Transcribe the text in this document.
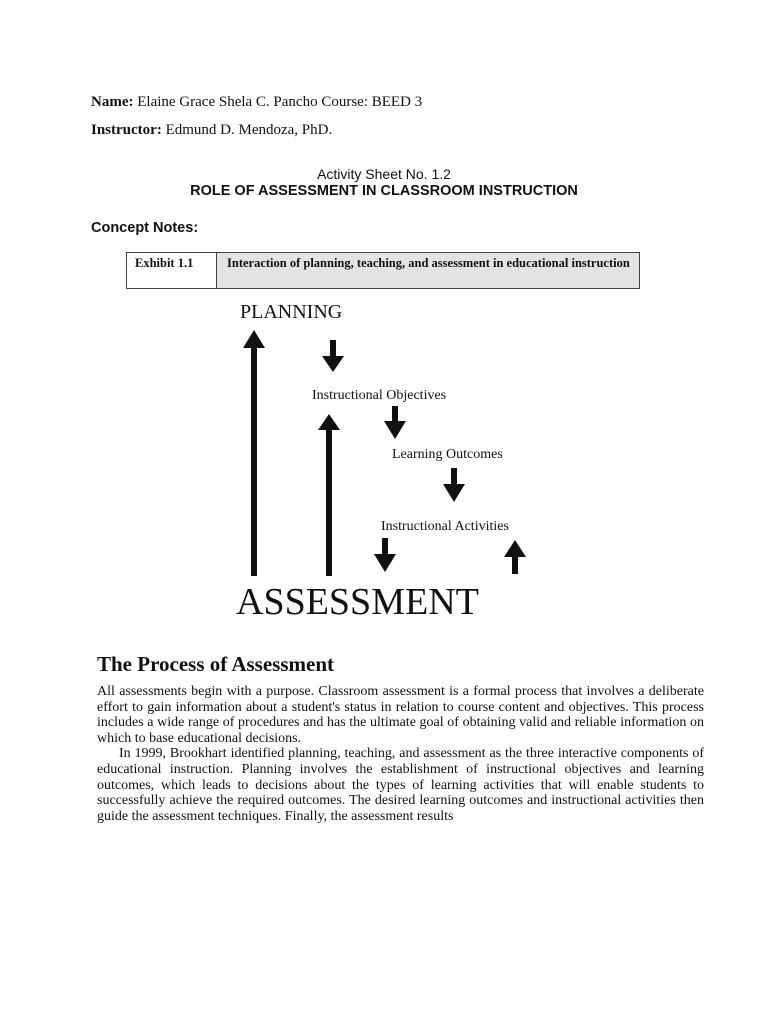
Name: Elaine Grace Shela C. Pancho Course: BEED 3
Instructor: Edmund D. Mendoza, PhD.
Activity Sheet No. 1.2
ROLE OF ASSESSMENT IN CLASSROOM INSTRUCTION
Concept Notes:
Exhibit 1.1	Interaction of planning, teaching, and assessment in educational instruction
PLANNING
Instructional Objectives
Learning Outcomes
Instructional Activities
ASSESSMENT
The Process of Assessment

All assessments begin with a purpose. Classroom assessment is a formal process that involves a deliberate effort to gain information about a student's status in relation to course content and objectives. This process includes a wide range of procedures and has the ultimate goal of obtaining valid and reliable information on which to base educational decisions.

In 1999, Brookhart identified planning, teaching, and assessment as the three interactive components of educational instruction. Planning involves the establishment of instructional objectives and learning outcomes, which leads to decisions about the types of learning activities that will enable students to successfully achieve the required outcomes. The desired learning outcomes and instructional activities then guide the assessment techniques. Finally, the assessment results
